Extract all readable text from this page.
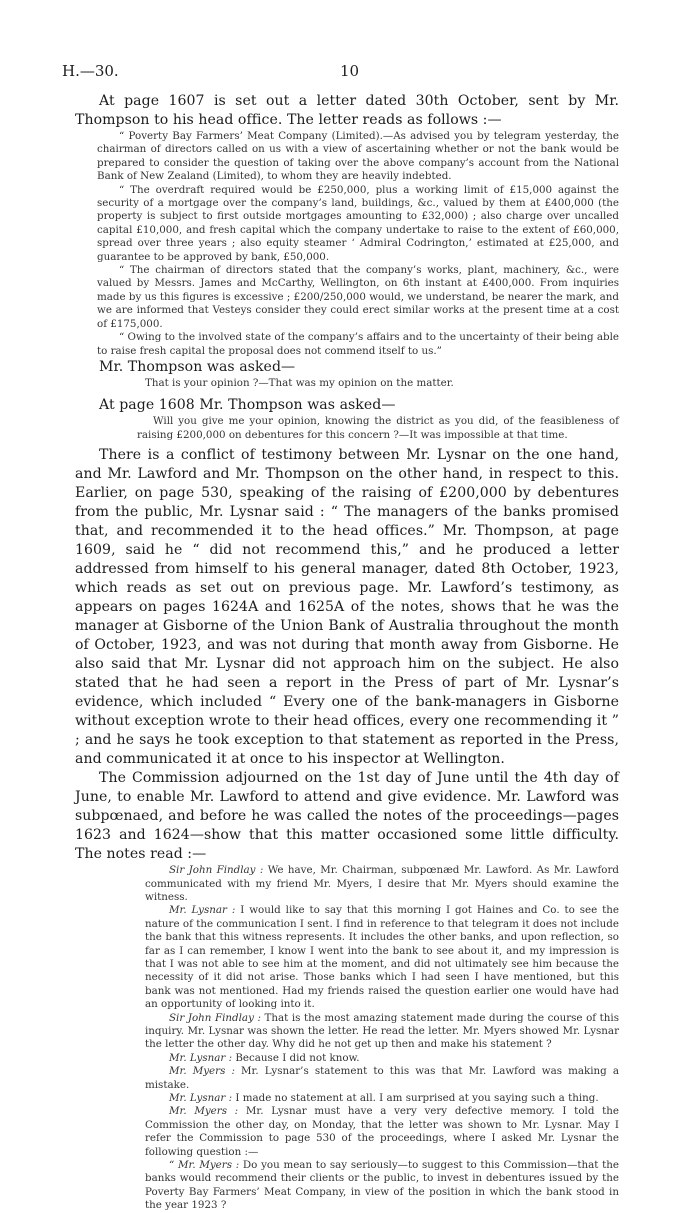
H.—30.	10

At page 1607 is set out a letter dated 30th October, sent by Mr. Thompson to his head office. The letter reads as follows :—

“ Poverty Bay Farmers’ Meat Company (Limited).—As advised you by telegram yesterday, the chairman of directors called on us with a view of ascertaining whether or not the bank would be prepared to consider the question of taking over the above company’s account from the National Bank of New Zealand (Limited), to whom they are heavily indebted.

“ The overdraft required would be £250,000, plus a working limit of £15,000 against the security of a mortgage over the company’s land, buildings, &c., valued by them at £400,000 (the property is subject to first outside mortgages amounting to £32,000) ; also charge over uncalled capital £10,000, and fresh capital which the company undertake to raise to the extent of £60,000, spread over three years ; also equity steamer ‘ Admiral Codrington,’ estimated at £25,000, and guarantee to be approved by bank, £50,000.

“ The chairman of directors stated that the company’s works, plant, machinery, &c., were valued by Messrs. James and McCarthy, Wellington, on 6th instant at £400,000. From inquiries made by us this figures is excessive ; £200/250,000 would, we understand, be nearer the mark, and we are informed that Vesteys consider they could erect similar works at the present time at a cost of £175,000.

“ Owing to the involved state of the company’s affairs and to the uncertainty of their being able to raise fresh capital the proposal does not commend itself to us.”

Mr. Thompson was asked—

That is your opinion ?—That was my opinion on the matter.

At page 1608 Mr. Thompson was asked—

Will you give me your opinion, knowing the district as you did, of the feasibleness of raising £200,000 on debentures for this concern ?—It was impossible at that time.

There is a conflict of testimony between Mr. Lysnar on the one hand, and Mr. Lawford and Mr. Thompson on the other hand, in respect to this. Earlier, on page 530, speaking of the raising of £200,000 by debentures from the public, Mr. Lysnar said : “ The managers of the banks promised that, and recommended it to the head offices.” Mr. Thompson, at page 1609, said he “ did not recommend this,” and he produced a letter addressed from himself to his general manager, dated 8th October, 1923, which reads as set out on previous page. Mr. Lawford’s testimony, as appears on pages 1624A and 1625A of the notes, shows that he was the manager at Gisborne of the Union Bank of Australia throughout the month of October, 1923, and was not during that month away from Gisborne. He also said that Mr. Lysnar did not approach him on the subject. He also stated that he had seen a report in the Press of part of Mr. Lysnar’s evidence, which included “ Every one of the bank-managers in Gisborne without exception wrote to their head offices, every one recommending it ” ; and he says he took exception to that statement as reported in the Press, and communicated it at once to his inspector at Wellington.

The Commission adjourned on the 1st day of June until the 4th day of June, to enable Mr. Lawford to attend and give evidence. Mr. Lawford was subpœnaed, and before he was called the notes of the proceedings—pages 1623 and 1624—show that this matter occasioned some little difficulty. The notes read :—

Sir John Findlay : We have, Mr. Chairman, subpœnæd Mr. Lawford. As Mr. Lawford communicated with my friend Mr. Myers, I desire that Mr. Myers should examine the witness.

Mr. Lysnar : I would like to say that this morning I got Haines and Co. to see the nature of the communication I sent. I find in reference to that telegram it does not include the bank that this witness represents. It includes the other banks, and upon reflection, so far as I can remember, I know I went into the bank to see about it, and my impression is that I was not able to see him at the moment, and did not ultimately see him because the necessity of it did not arise. Those banks which I had seen I have mentioned, but this bank was not mentioned. Had my friends raised the question earlier one would have had an opportunity of looking into it.

Sir John Findlay : That is the most amazing statement made during the course of this inquiry. Mr. Lysnar was shown the letter. He read the letter. Mr. Myers showed Mr. Lysnar the letter the other day. Why did he not get up then and make his statement ?

Mr. Lysnar : Because I did not know.

Mr. Myers : Mr. Lysnar’s statement to this was that Mr. Lawford was making a mistake.

Mr. Lysnar : I made no statement at all. I am surprised at you saying such a thing.

Mr. Myers : Mr. Lysnar must have a very very defective memory. I told the Commission the other day, on Monday, that the letter was shown to Mr. Lysnar. May I refer the Commission to page 530 of the proceedings, where I asked Mr. Lysnar the following question :—

“ Mr. Myers : Do you mean to say seriously—to suggest to this Commission—that the banks would recommend their clients or the public, to invest in debentures issued by the Poverty Bay Farmers’ Meat Company, in view of the position in which the bank stood in the year 1923 ?
